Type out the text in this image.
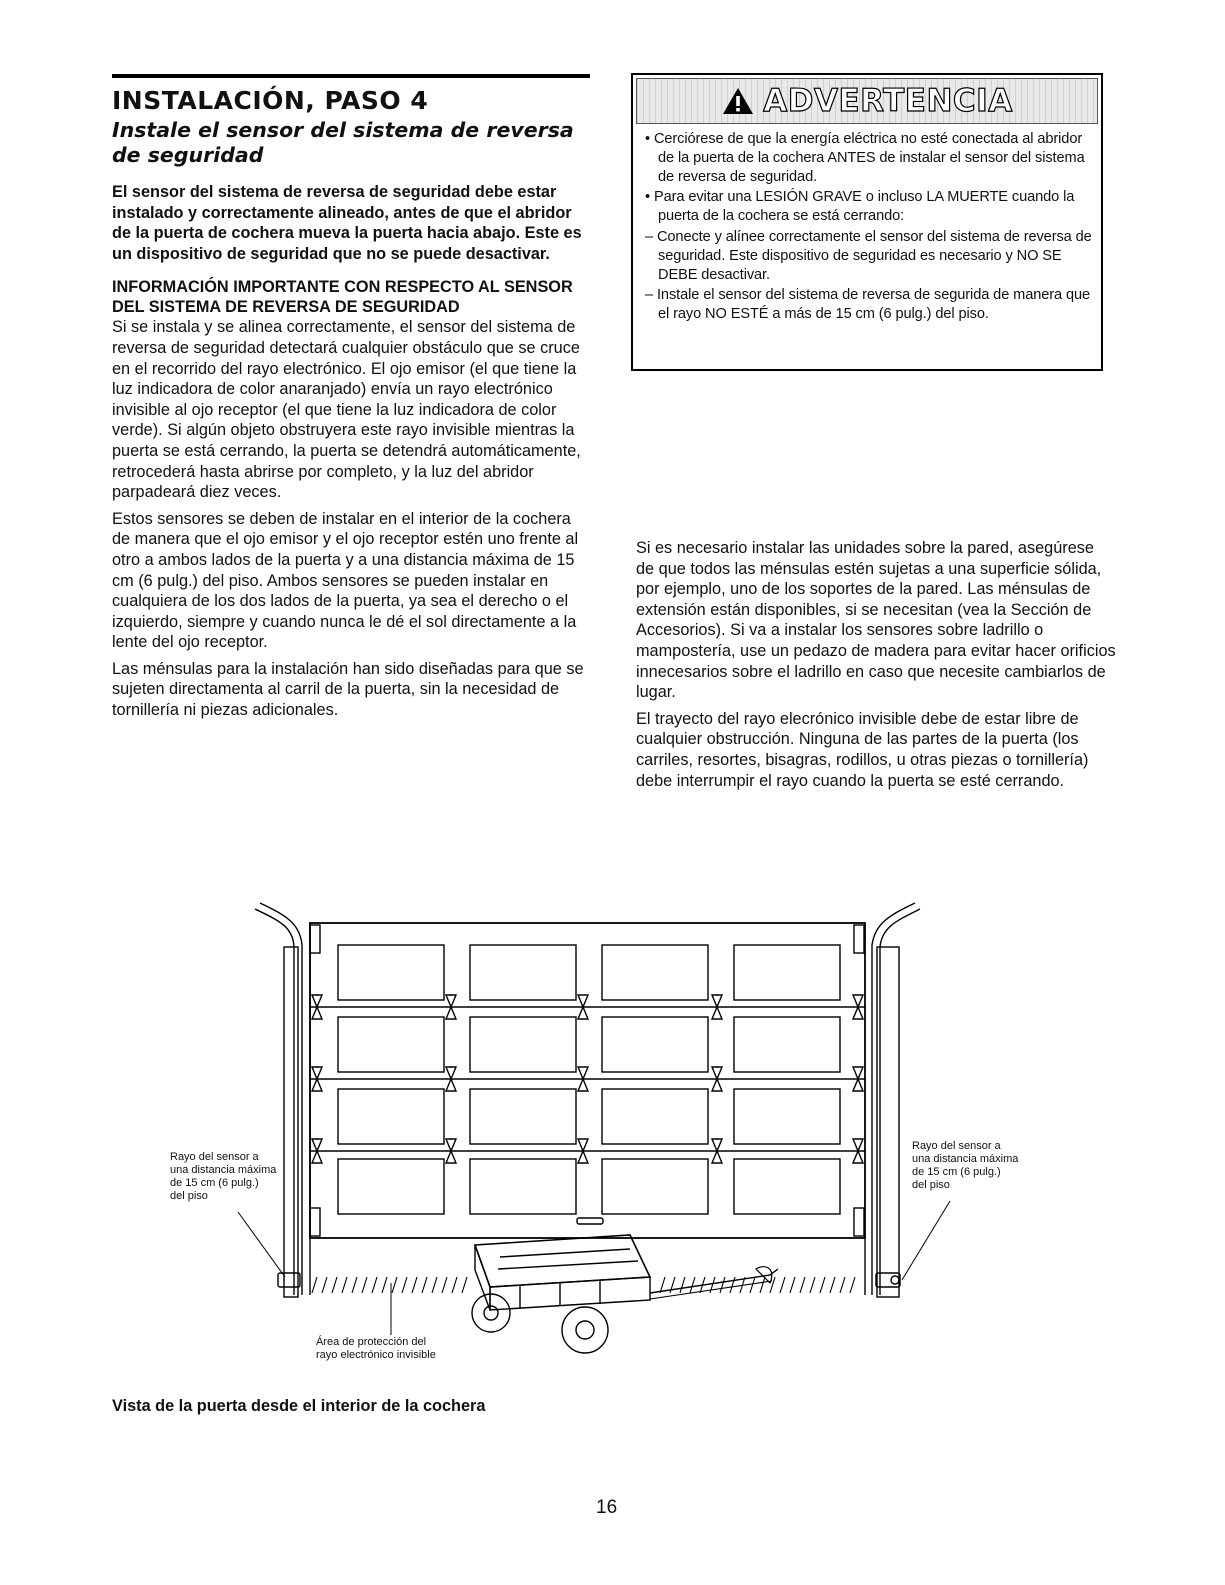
INSTALACIÓN, PASO 4
Instale el sensor del sistema de reversa de seguridad

El sensor del sistema de reversa de seguridad debe estar instalado y correctamente alineado, antes de que el abridor de la puerta de cochera mueva la puerta hacia abajo. Este es un dispositivo de seguridad que no se puede desactivar.

INFORMACIÓN IMPORTANTE CON RESPECTO AL SENSOR DEL SISTEMA DE REVERSA DE SEGURIDAD

Si se instala y se alinea correctamente, el sensor del sistema de reversa de seguridad detectará cualquier obstáculo que se cruce en el recorrido del rayo electrónico. El ojo emisor (el que tiene la luz indicadora de color anaranjado) envía un rayo electrónico invisible al ojo receptor (el que tiene la luz indicadora de color verde). Si algún objeto obstruyera este rayo invisible mientras la puerta se está cerrando, la puerta se detendrá automáticamente, retrocederá hasta abrirse por completo, y la luz del abridor parpadeará diez veces.

Estos sensores se deben de instalar en el interior de la cochera de manera que el ojo emisor y el ojo receptor estén uno frente al otro a ambos lados de la puerta y a una distancia máxima de 15 cm (6 pulg.) del piso. Ambos sensores se pueden instalar en cualquiera de los dos lados de la puerta, ya sea el derecho o el izquierdo, siempre y cuando nunca le dé el sol directamente a la lente del ojo receptor.

Las ménsulas para la instalación han sido diseñadas para que se sujeten directamenta al carril de la puerta, sin la necesidad de tornillería ni piezas adicionales.

ADVERTENCIA
• Cerciórese de que la energía eléctrica no esté conectada al abridor de la puerta de la cochera ANTES de instalar el sensor del sistema de reversa de seguridad.
• Para evitar una LESIÓN GRAVE o incluso LA MUERTE cuando la puerta de la cochera se está cerrando:
– Conecte y alínee correctamente el sensor del sistema de reversa de seguridad. Este dispositivo de seguridad es necesario y NO SE DEBE desactivar.
– Instale el sensor del sistema de reversa de segurida de manera que el rayo NO ESTÉ a más de 15 cm (6 pulg.) del piso.

Si es necesario instalar las unidades sobre la pared, asegúrese de que todos las ménsulas estén sujetas a una superficie sólida, por ejemplo, uno de los soportes de la pared. Las ménsulas de extensión están disponibles, si se necesitan (vea la Sección de Accesorios). Si va a instalar los sensores sobre ladrillo o mampostería, use un pedazo de madera para evitar hacer orificios innecesarios sobre el ladrillo en caso que necesite cambiarlos de lugar.

El trayecto del rayo elecrónico invisible debe de estar libre de cualquier obstrucción. Ninguna de las partes de la puerta (los carriles, resortes, bisagras, rodillos, u otras piezas o tornillería) debe interrumpir el rayo cuando la puerta se esté cerrando.

Rayo del sensor a
una distancia máxima
de 15 cm (6 pulg.)
del piso
Rayo del sensor a
una distancia máxima
de 15 cm (6 pulg.)
del piso
Área de protección del
rayo electrónico invisible
Vista de la puerta desde el interior de la cochera
16
